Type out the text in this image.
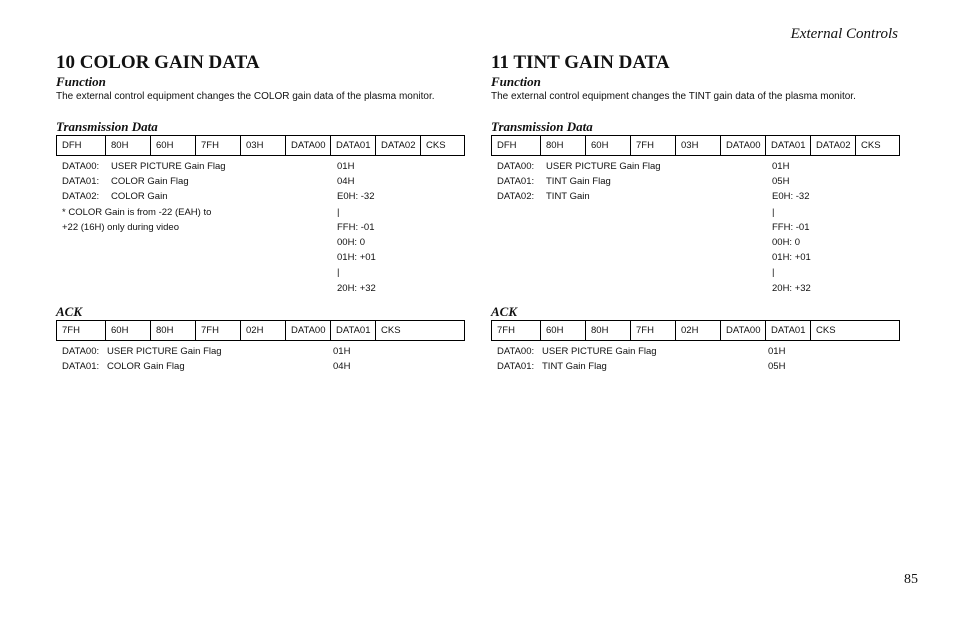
External Controls
10 COLOR GAIN DATA
Function

The external control equipment changes the COLOR gain data of the plasma monitor.

Transmission Data
DFH	80H	60H	7FH	03H	DATA00	DATA01	DATA02	CKS
DATA00: USER PICTURE Gain Flag	01H
DATA01: COLOR Gain Flag	04H
DATA02: COLOR Gain	E0H: -32
* COLOR Gain is from -22 (EAH) to	|
+22 (16H) only during video	FFH: -01
00H: 0
01H: +01
|
20H: +32
ACK
7FH	60H	80H	7FH	02H	DATA00	DATA01	CKS
DATA00: USER PICTURE Gain Flag	01H
DATA01: COLOR Gain Flag	04H
11 TINT GAIN DATA
Function

The external control equipment changes the TINT gain data of the plasma monitor.

Transmission Data
DFH	80H	60H	7FH	03H	DATA00	DATA01	DATA02	CKS
DATA00: USER PICTURE Gain Flag	01H
DATA01: TINT Gain Flag	05H
DATA02: TINT Gain	E0H: -32
|
FFH: -01
00H: 0
01H: +01
|
20H: +32
ACK
7FH	60H	80H	7FH	02H	DATA00	DATA01	CKS
DATA00: USER PICTURE Gain Flag	01H
DATA01: TINT Gain Flag	05H
85
